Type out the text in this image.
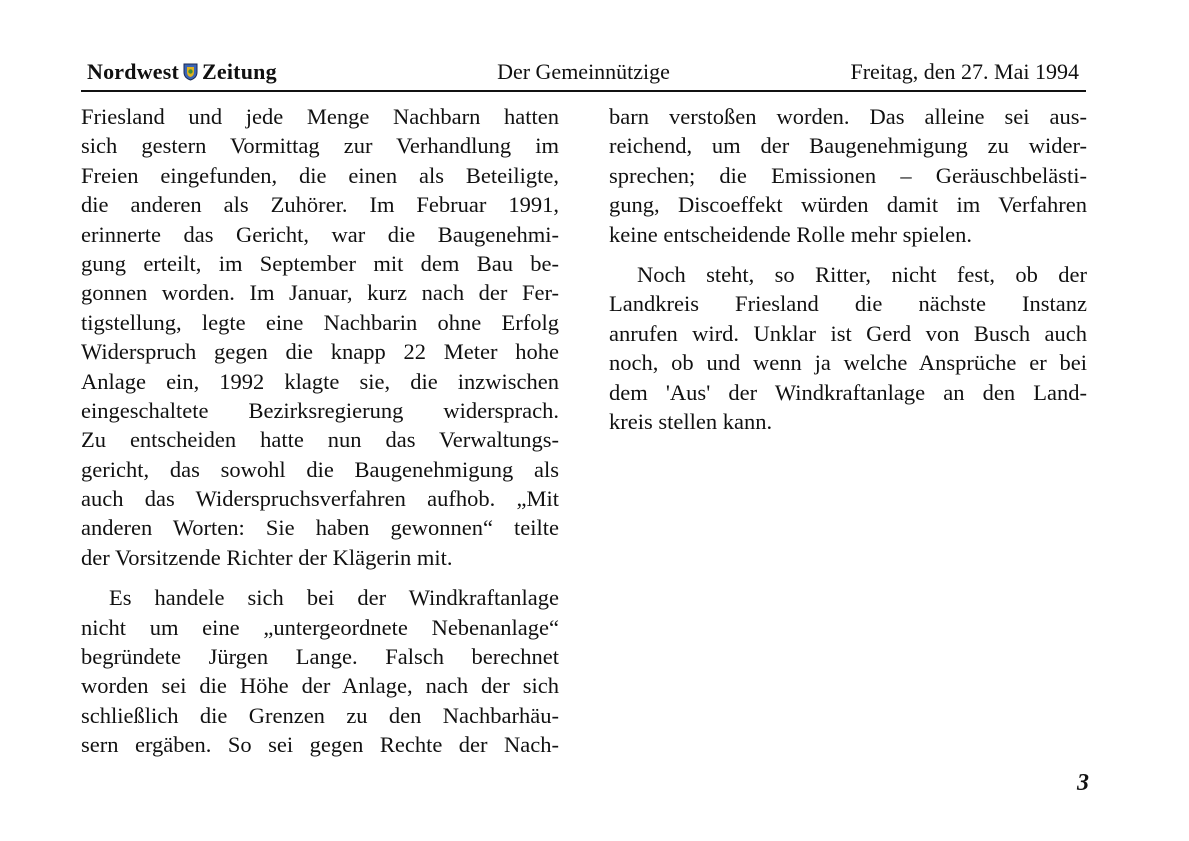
Nordwest Zeitung	Der Gemeinnützige	Freitag, den 27. Mai 1994

Friesland und jede Menge Nachbarn hatten
sich gestern Vormittag zur Verhandlung im
Freien eingefunden, die einen als Beteiligte,
die anderen als Zuhörer. Im Februar 1991,
erinnerte das Gericht, war die Baugenehmi-
gung erteilt, im September mit dem Bau be-
gonnen worden. Im Januar, kurz nach der Fer-
tigstellung, legte eine Nachbarin ohne Erfolg
Widerspruch gegen die knapp 22 Meter hohe
Anlage ein, 1992 klagte sie, die inzwischen
eingeschaltete Bezirksregierung widersprach.
Zu entscheiden hatte nun das Verwaltungs-
gericht, das sowohl die Baugenehmigung als
auch das Widerspruchsverfahren aufhob. „Mit
anderen Worten: Sie haben gewonnen“ teilte
der Vorsitzende Richter der Klägerin mit.

Es handele sich bei der Windkraftanlage
nicht um eine „untergeordnete Nebenanlage“
begründete Jürgen Lange. Falsch berechnet
worden sei die Höhe der Anlage, nach der sich
schließlich die Grenzen zu den Nachbarhäu-
sern ergäben. So sei gegen Rechte der Nach-

barn verstoßen worden. Das alleine sei aus-
reichend, um der Baugenehmigung zu wider-
sprechen; die Emissionen – Geräuschbelästi-
gung, Discoeffekt würden damit im Verfahren
keine entscheidende Rolle mehr spielen.

Noch steht, so Ritter, nicht fest, ob der
Landkreis Friesland die nächste Instanz
anrufen wird. Unklar ist Gerd von Busch auch
noch, ob und wenn ja welche Ansprüche er bei
dem 'Aus' der Windkraftanlage an den Land-
kreis stellen kann.

3
